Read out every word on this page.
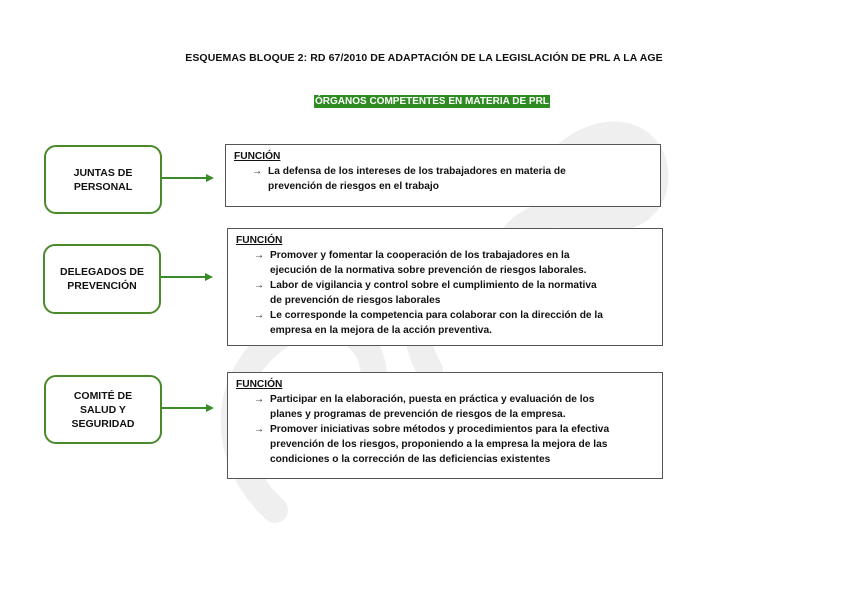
ESQUEMAS BLOQUE 2: RD 67/2010 DE ADAPTACIÓN DE LA LEGISLACIÓN DE PRL A LA AGE
ÓRGANOS COMPETENTES EN MATERIA DE PRL
JUNTAS DE
PERSONAL
FUNCIÓN
→ La defensa de los intereses de los trabajadores en materia de
prevención de riesgos en el trabajo
DELEGADOS DE
PREVENCIÓN
FUNCIÓN
→ Promover y fomentar la cooperación de los trabajadores en la
ejecución de la normativa sobre prevención de riesgos laborales.
→ Labor de vigilancia y control sobre el cumplimiento de la normativa
de prevención de riesgos laborales
→ Le corresponde la competencia para colaborar con la dirección de la
empresa en la mejora de la acción preventiva.
COMITÉ DE
SALUD Y
SEGURIDAD
FUNCIÓN
→ Participar en la elaboración, puesta en práctica y evaluación de los
planes y programas de prevención de riesgos de la empresa.
→ Promover iniciativas sobre métodos y procedimientos para la efectiva
prevención de los riesgos, proponiendo a la empresa la mejora de las
condiciones o la corrección de las deficiencias existentes
